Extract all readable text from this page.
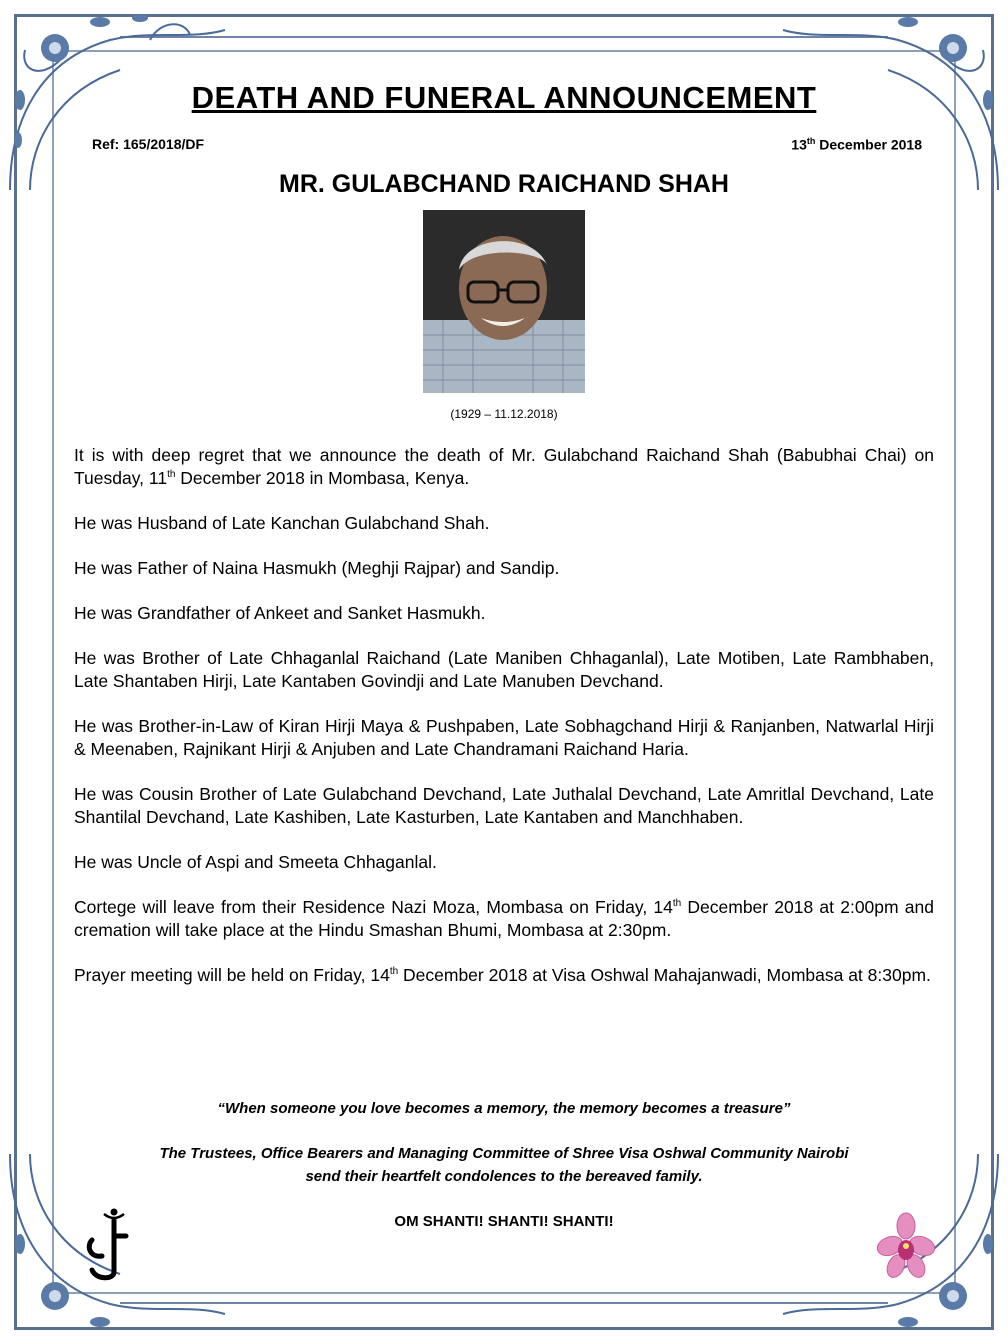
DEATH AND FUNERAL ANNOUNCEMENT
Ref: 165/2018/DF	13th December 2018
MR. GULABCHAND RAICHAND SHAH
(1929 – 11.12.2018)

It is with deep regret that we announce the death of Mr. Gulabchand Raichand Shah (Babubhai Chai) on Tuesday, 11th December 2018 in Mombasa, Kenya.

He was Husband of Late Kanchan Gulabchand Shah.

He was Father of Naina Hasmukh (Meghji Rajpar) and Sandip.

He was Grandfather of Ankeet and Sanket Hasmukh.

He was Brother of Late Chhaganlal Raichand (Late Maniben Chhaganlal), Late Motiben, Late Rambhaben, Late Shantaben Hirji, Late Kantaben Govindji and Late Manuben Devchand.

He was Brother-in-Law of Kiran Hirji Maya & Pushpaben, Late Sobhagchand Hirji & Ranjanben, Natwarlal Hirji & Meenaben, Rajnikant Hirji & Anjuben and Late Chandramani Raichand Haria.

He was Cousin Brother of Late Gulabchand Devchand, Late Juthalal Devchand, Late Amritlal Devchand, Late Shantilal Devchand, Late Kashiben, Late Kasturben, Late Kantaben and Manchhaben.

He was Uncle of Aspi and Smeeta Chhaganlal.

Cortege will leave from their Residence Nazi Moza, Mombasa on Friday, 14th December 2018 at 2:00pm and cremation will take place at the Hindu Smashan Bhumi, Mombasa at 2:30pm.

Prayer meeting will be held on Friday, 14th December 2018 at Visa Oshwal Mahajanwadi, Mombasa at 8:30pm.

“When someone you love becomes a memory, the memory becomes a treasure”
The Trustees, Office Bearers and Managing Committee of Shree Visa Oshwal Community Nairobi
send their heartfelt condolences to the bereaved family.
OM SHANTI! SHANTI! SHANTI!
